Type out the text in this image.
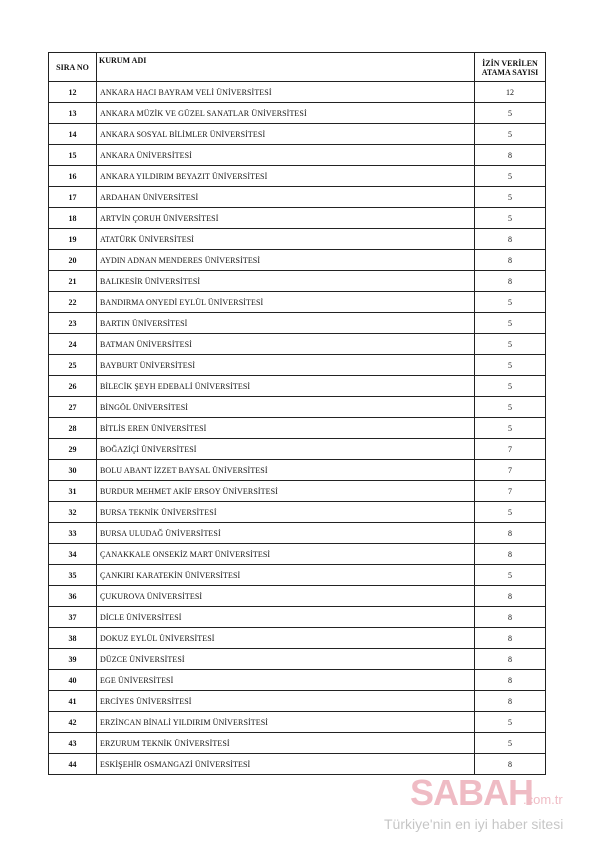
SIRA NO	KURUM ADI	İZİN VERİLEN
ATAMA SAYISI

12	ANKARA HACI BAYRAM VELİ ÜNİVERSİTESİ	12
13	ANKARA MÜZİK VE GÜZEL SANATLAR ÜNİVERSİTESİ	5
14	ANKARA SOSYAL BİLİMLER ÜNİVERSİTESİ	5
15	ANKARA ÜNİVERSİTESİ	8
16	ANKARA YILDIRIM BEYAZIT ÜNİVERSİTESİ	5
17	ARDAHAN ÜNİVERSİTESİ	5
18	ARTVİN ÇORUH ÜNİVERSİTESİ	5
19	ATATÜRK ÜNİVERSİTESİ	8
20	AYDIN ADNAN MENDERES ÜNİVERSİTESİ	8
21	BALIKESİR ÜNİVERSİTESİ	8
22	BANDIRMA ONYEDİ EYLÜL ÜNİVERSİTESİ	5
23	BARTIN ÜNİVERSİTESİ	5
24	BATMAN ÜNİVERSİTESİ	5
25	BAYBURT ÜNİVERSİTESİ	5
26	BİLECİK ŞEYH EDEBALİ ÜNİVERSİTESİ	5
27	BİNGÖL ÜNİVERSİTESİ	5
28	BİTLİS EREN ÜNİVERSİTESİ	5
29	BOĞAZİÇİ ÜNİVERSİTESİ	7
30	BOLU ABANT İZZET BAYSAL ÜNİVERSİTESİ	7
31	BURDUR MEHMET AKİF ERSOY ÜNİVERSİTESİ	7
32	BURSA TEKNİK ÜNİVERSİTESİ	5
33	BURSA ULUDAĞ ÜNİVERSİTESİ	8
34	ÇANAKKALE ONSEKİZ MART ÜNİVERSİTESİ	8
35	ÇANKIRI KARATEKİN ÜNİVERSİTESİ	5
36	ÇUKUROVA ÜNİVERSİTESİ	8
37	DİCLE ÜNİVERSİTESİ	8
38	DOKUZ EYLÜL ÜNİVERSİTESİ	8
39	DÜZCE ÜNİVERSİTESİ	8
40	EGE ÜNİVERSİTESİ	8
41	ERCİYES ÜNİVERSİTESİ	8
42	ERZİNCAN BİNALİ YILDIRIM ÜNİVERSİTESİ	5
43	ERZURUM TEKNİK ÜNİVERSİTESİ	5
44	ESKİŞEHİR OSMANGAZİ ÜNİVERSİTESİ	8
SABAH
.com.tr
Türkiye'nin en iyi haber sitesi
